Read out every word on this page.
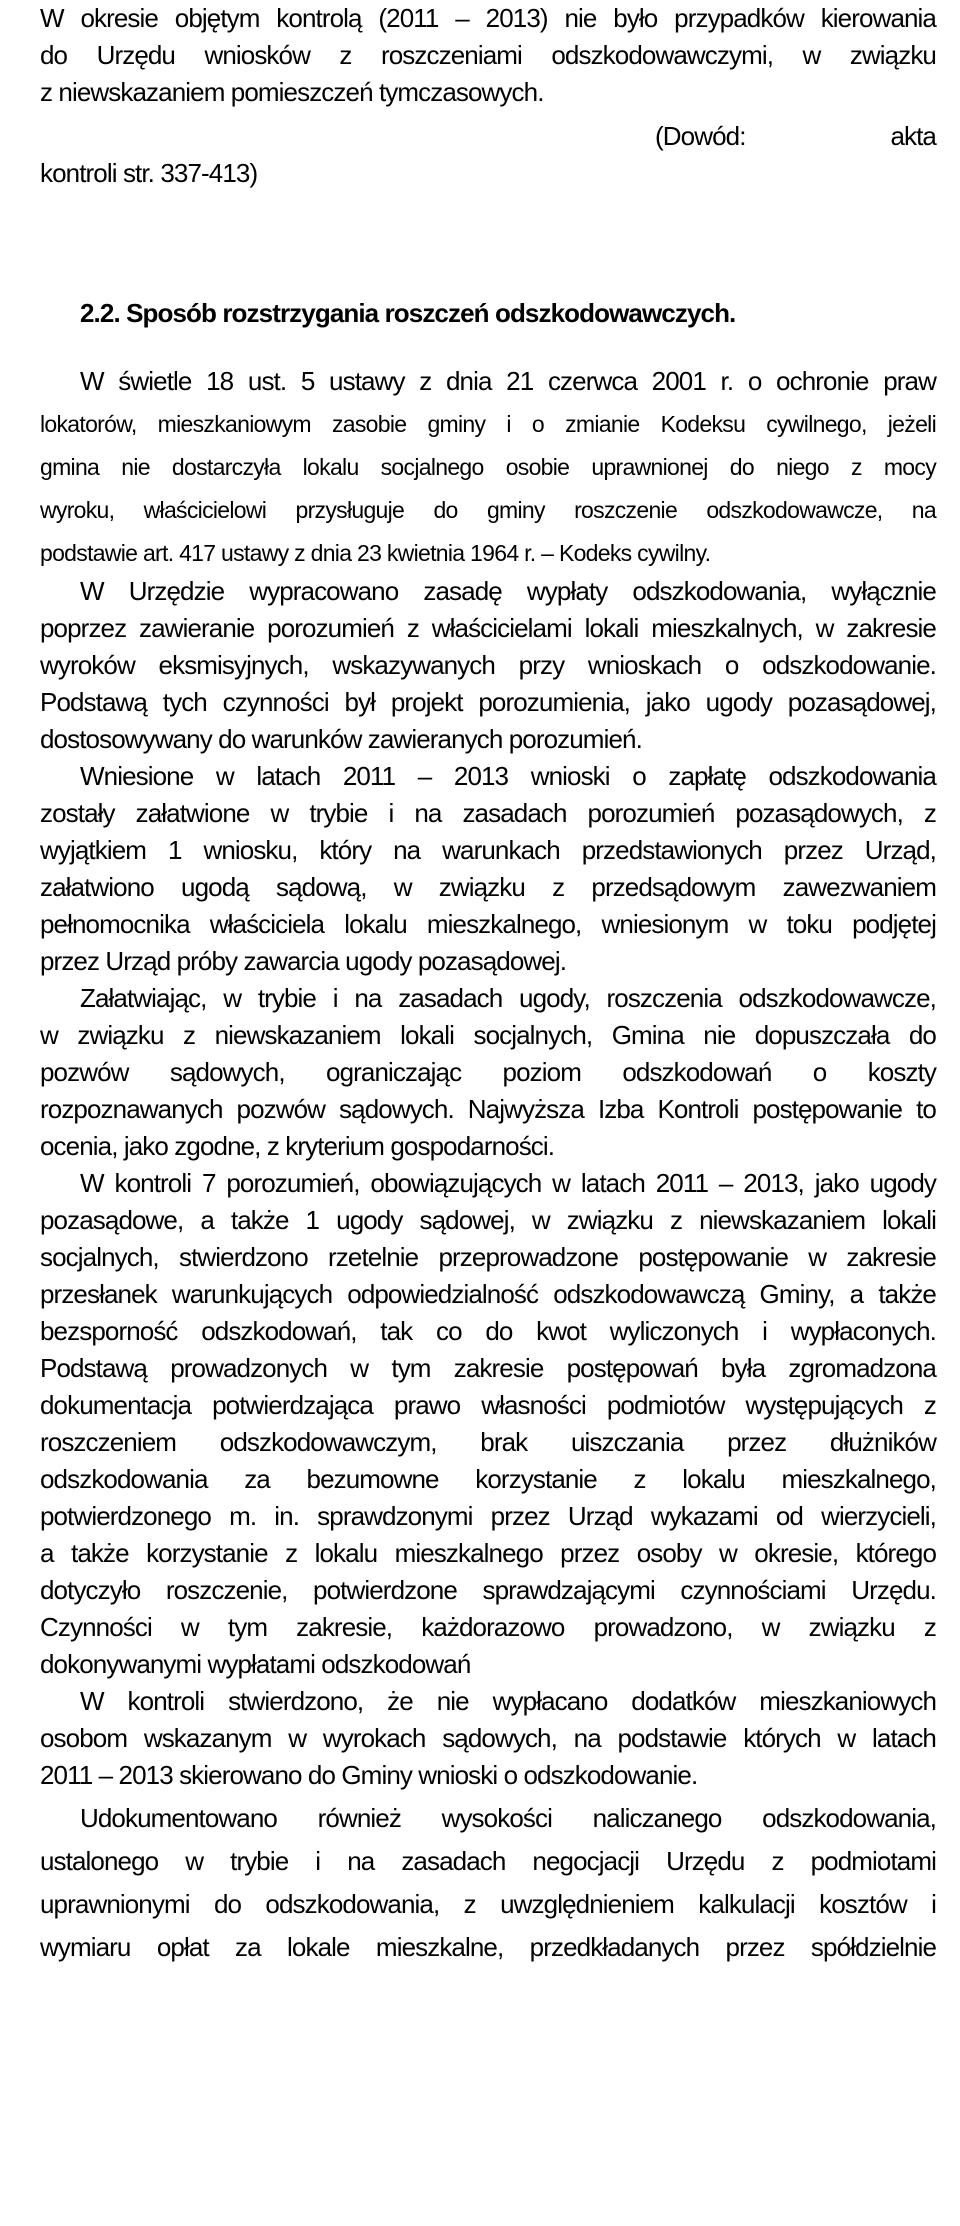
W okresie objętym kontrolą (2011 – 2013) nie było przypadków kierowania
do Urzędu wniosków z roszczeniami odszkodowawczymi, w związku
z niewskazaniem pomieszczeń tymczasowych.
(Dowód: akta
kontroli str. 337-413)
2.2. Sposób rozstrzygania roszczeń odszkodowawczych.
W świetle 18 ust. 5 ustawy z dnia 21 czerwca 2001 r. o ochronie praw
lokatorów, mieszkaniowym zasobie gminy i o zmianie Kodeksu cywilnego, jeżeli
gmina nie dostarczyła lokalu socjalnego osobie uprawnionej do niego z mocy
wyroku, właścicielowi przysługuje do gminy roszczenie odszkodowawcze, na
podstawie art. 417 ustawy z dnia 23 kwietnia 1964 r. – Kodeks cywilny.
W Urzędzie wypracowano zasadę wypłaty odszkodowania, wyłącznie
poprzez zawieranie porozumień z właścicielami lokali mieszkalnych, w zakresie
wyroków eksmisyjnych, wskazywanych przy wnioskach o odszkodowanie.
Podstawą tych czynności był projekt porozumienia, jako ugody pozasądowej,
dostosowywany do warunków zawieranych porozumień.
Wniesione w latach 2011 – 2013 wnioski o zapłatę odszkodowania
zostały załatwione w trybie i na zasadach porozumień pozasądowych, z
wyjątkiem 1 wniosku, który na warunkach przedstawionych przez Urząd,
załatwiono ugodą sądową, w związku z przedsądowym zawezwaniem
pełnomocnika właściciela lokalu mieszkalnego, wniesionym w toku podjętej
przez Urząd próby zawarcia ugody pozasądowej.
Załatwiając, w trybie i na zasadach ugody, roszczenia odszkodowawcze,
w związku z niewskazaniem lokali socjalnych, Gmina nie dopuszczała do
pozwów sądowych, ograniczając poziom odszkodowań o koszty
rozpoznawanych pozwów sądowych. Najwyższa Izba Kontroli postępowanie to
ocenia, jako zgodne, z kryterium gospodarności.
W kontroli 7 porozumień, obowiązujących w latach 2011 – 2013, jako ugody
pozasądowe, a także 1 ugody sądowej, w związku z niewskazaniem lokali
socjalnych, stwierdzono rzetelnie przeprowadzone postępowanie w zakresie
przesłanek warunkujących odpowiedzialność odszkodowawczą Gminy, a także
bezsporność odszkodowań, tak co do kwot wyliczonych i wypłaconych.
Podstawą prowadzonych w tym zakresie postępowań była zgromadzona
dokumentacja potwierdzająca prawo własności podmiotów występujących z
roszczeniem odszkodowawczym, brak uiszczania przez dłużników
odszkodowania za bezumowne korzystanie z lokalu mieszkalnego,
potwierdzonego m. in. sprawdzonymi przez Urząd wykazami od wierzycieli,
a także korzystanie z lokalu mieszkalnego przez osoby w okresie, którego
dotyczyło roszczenie, potwierdzone sprawdzającymi czynnościami Urzędu.
Czynności w tym zakresie, każdorazowo prowadzono, w związku z
dokonywanymi wypłatami odszkodowań
W kontroli stwierdzono, że nie wypłacano dodatków mieszkaniowych
osobom wskazanym w wyrokach sądowych, na podstawie których w latach
2011 – 2013 skierowano do Gminy wnioski o odszkodowanie.
Udokumentowano również wysokości naliczanego odszkodowania,
ustalonego w trybie i na zasadach negocjacji Urzędu z podmiotami
uprawnionymi do odszkodowania, z uwzględnieniem kalkulacji kosztów i
wymiaru opłat za lokale mieszkalne, przedkładanych przez spółdzielnie
